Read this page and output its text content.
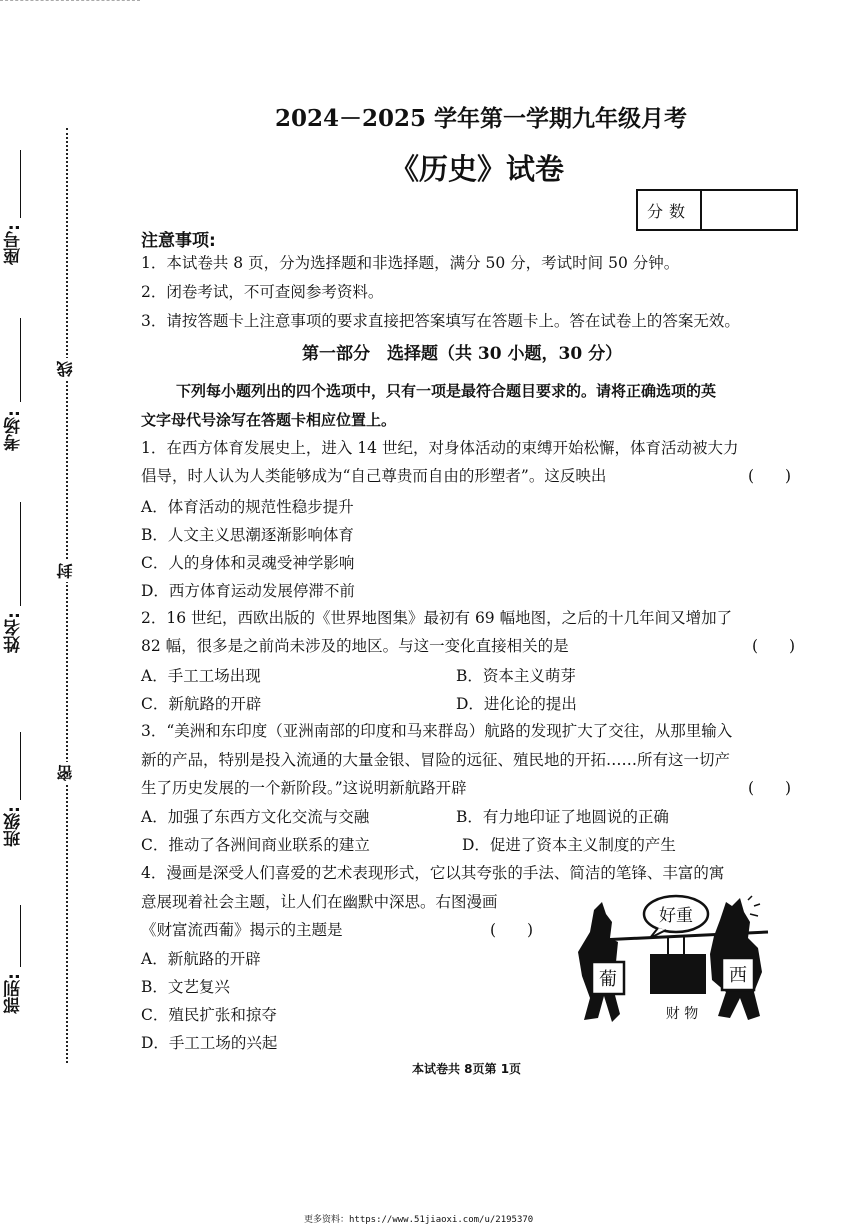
座号:
考场:
姓名:
班级:
部别:
线
封
密
2024－2025 学年第一学期九年级月考
《历史》试卷
分数
注意事项:
1．本试卷共 8 页，分为选择题和非选择题，满分 50 分，考试时间 50 分钟。
2．闭卷考试，不可查阅参考资料。
3．请按答题卡上注意事项的要求直接把答案填写在答题卡上。答在试卷上的答案无效。
第一部分　选择题（共 30 小题，30 分）
下列每小题列出的四个选项中，只有一项是最符合题目要求的。请将正确选项的英
文字母代号涂写在答题卡相应位置上。
1．在西方体育发展史上，进入 14 世纪，对身体活动的束缚开始松懈，体育活动被大力
倡导，时人认为人类能够成为“自己尊贵而自由的形塑者”。这反映出	(　　)
A．体育活动的规范性稳步提升
B．人文主义思潮逐渐影响体育
C．人的身体和灵魂受神学影响
D．西方体育运动发展停滞不前
2．16 世纪，西欧出版的《世界地图集》最初有 69 幅地图，之后的十几年间又增加了
82 幅，很多是之前尚未涉及的地区。与这一变化直接相关的是	(　　)
A．手工工场出现	B．资本主义萌芽
C．新航路的开辟	D．进化论的提出
3．“美洲和东印度（亚洲南部的印度和马来群岛）航路的发现扩大了交往，从那里输入
新的产品，特别是投入流通的大量金银、冒险的远征、殖民地的开拓……所有这一切产
生了历史发展的一个新阶段。”这说明新航路开辟	(　　)
A．加强了东西方文化交流与交融	B．有力地印证了地圆说的正确
C．推动了各洲间商业联系的建立	D．促进了资本主义制度的产生
4．漫画是深受人们喜爱的艺术表现形式，它以其夸张的手法、简洁的笔锋、丰富的寓
意展现着社会主题，让人们在幽默中深思。右图漫画
《财富流西葡》揭示的主题是	(　　)
A．新航路的开辟
B．文艺复兴
C．殖民扩张和掠夺
D．手工工场的兴起
葡	西
财 物
好重
本试卷共 8页第 1页
更多资料：https://www.51jiaoxi.com/u/2195370
